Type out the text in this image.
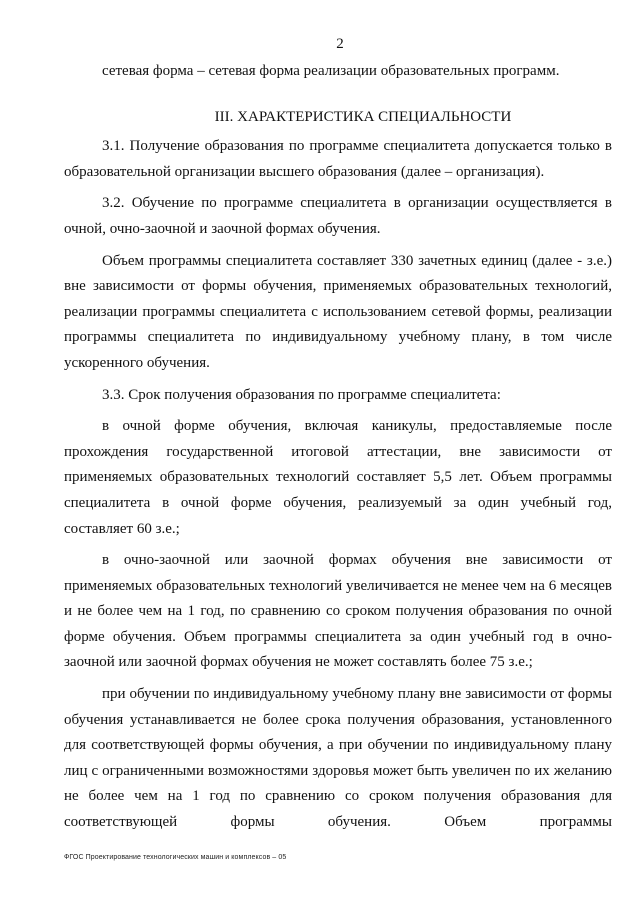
2

сетевая форма – сетевая форма реализации образовательных программ.

III. ХАРАКТЕРИСТИКА СПЕЦИАЛЬНОСТИ

3.1. Получение образования по программе специалитета допускается только в образовательной организации высшего образования (далее – организация).

3.2. Обучение по программе специалитета в организации осуществляется в очной, очно-заочной и заочной формах обучения.

Объем программы специалитета составляет 330 зачетных единиц (далее - з.е.) вне зависимости от формы обучения, применяемых образовательных технологий, реализации программы специалитета с использованием сетевой формы, реализации программы специалитета по индивидуальному учебному плану, в том числе ускоренного обучения.

3.3. Срок получения образования по программе специалитета:

в очной форме обучения, включая каникулы, предоставляемые после прохождения государственной итоговой аттестации, вне зависимости от применяемых образовательных технологий составляет 5,5 лет. Объем программы специалитета в очной форме обучения, реализуемый за один учебный год, составляет 60 з.е.;

в очно-заочной или заочной формах обучения вне зависимости от применяемых образовательных технологий увеличивается не менее чем на 6 месяцев и не более чем на 1 год, по сравнению со сроком получения образования по очной форме обучения. Объем программы специалитета за один учебный год в очно-заочной или заочной формах обучения не может составлять более 75 з.е.;

при обучении по индивидуальному учебному плану вне зависимости от формы обучения устанавливается не более срока получения образования, установленного для соответствующей формы обучения, а при обучении по индивидуальному плану лиц с ограниченными возможностями здоровья может быть увеличен по их желанию не более чем на 1 год по сравнению со сроком получения образования для соответствующей формы обучения. Объем программы

ФГОС Проектирование технологических машин и комплексов – 05
